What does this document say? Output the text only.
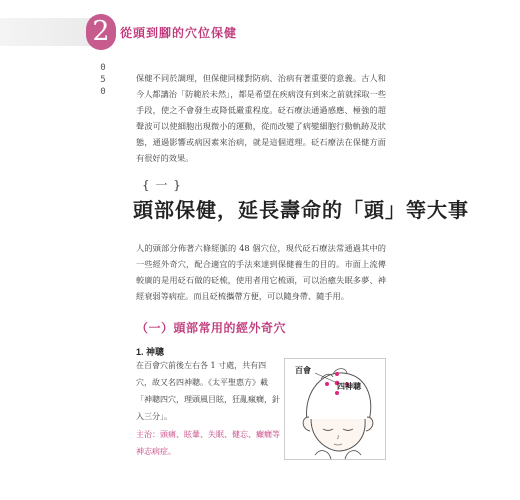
2 從頭到腳的穴位保健
050

保健不同於調理，但保健同樣對防病、治病有著重要的意義。古人和今人都講治「防範於未然」，都是希望在疾病沒有到來之前就採取一些手段，使之不會發生或降低嚴重程度。砭石療法通過感應、極強的超聲波可以使細胞出現微小的運動，從而改變了病變細胞行動軌跡及狀態，通過影響或病因素來治病，就是這個道理。砭石療法在保健方面有很好的效果。

{ 一 }
頭部保健，延長壽命的「頭」等大事

人的頭部分佈著六條經脈的 48 個穴位，現代砭石療法常通過其中的一些經外奇穴，配合適宜的手法來達到保健養生的目的。市面上流傳較廣的是用砭石做的砭梳，使用者用它梳頭，可以治癒失眠多夢、神經衰弱等病症。而且砭梳攜帶方便，可以隨身帶、隨手用。

（一）頭部常用的經外奇穴
1. 神聰

在百會穴前後左右各 1 寸處，共有四穴，故又名四神聰。《太平聖惠方》載「神聰四穴，理頭風目眩，狂亂瘋癎，針入三分」。

主治：頭痛、眩暈、失眠、健忘、癲癇等神志病症。

百會
四神聰
